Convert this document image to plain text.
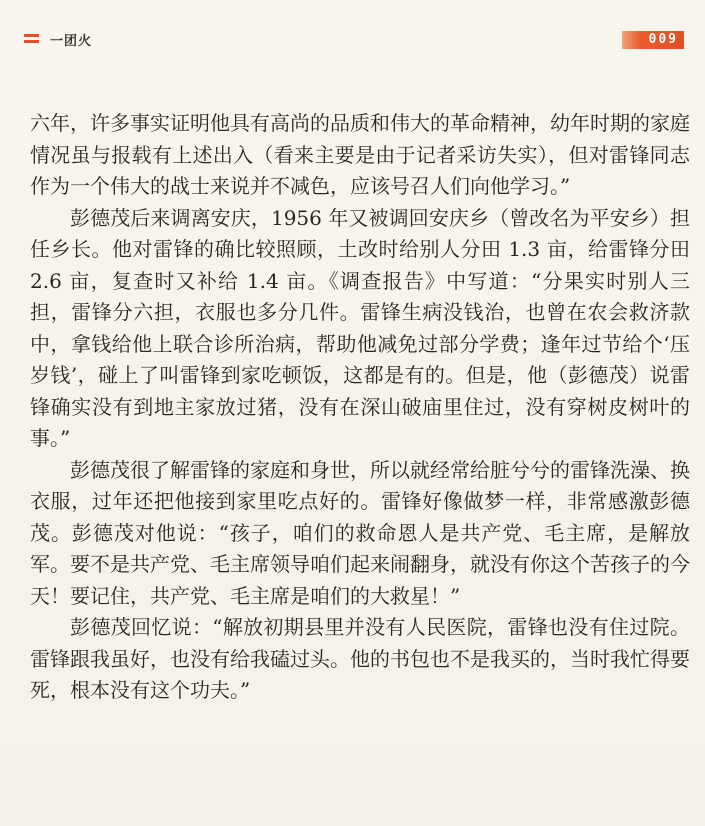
一团火	009

六年，许多事实证明他具有高尚的品质和伟大的革命精神，幼年时期的家庭情况虽与报载有上述出入（看来主要是由于记者采访失实），但对雷锋同志作为一个伟大的战士来说并不减色，应该号召人们向他学习。”

彭德茂后来调离安庆，1956 年又被调回安庆乡（曾改名为平安乡）担任乡长。他对雷锋的确比较照顾，土改时给别人分田 1.3 亩，给雷锋分田 2.6 亩，复查时又补给 1.4 亩。《调查报告》中写道：“分果实时别人三担，雷锋分六担，衣服也多分几件。雷锋生病没钱治，也曾在农会救济款中，拿钱给他上联合诊所治病，帮助他减免过部分学费；逢年过节给个‘压岁钱’，碰上了叫雷锋到家吃顿饭，这都是有的。但是，他（彭德茂）说雷锋确实没有到地主家放过猪，没有在深山破庙里住过，没有穿树皮树叶的事。”

彭德茂很了解雷锋的家庭和身世，所以就经常给脏兮兮的雷锋洗澡、换衣服，过年还把他接到家里吃点好的。雷锋好像做梦一样，非常感激彭德茂。彭德茂对他说：“孩子，咱们的救命恩人是共产党、毛主席，是解放军。要不是共产党、毛主席领导咱们起来闹翻身，就没有你这个苦孩子的今天！要记住，共产党、毛主席是咱们的大救星！”

彭德茂回忆说：“解放初期县里并没有人民医院，雷锋也没有住过院。雷锋跟我虽好，也没有给我磕过头。他的书包也不是我买的，当时我忙得要死，根本没有这个功夫。”
